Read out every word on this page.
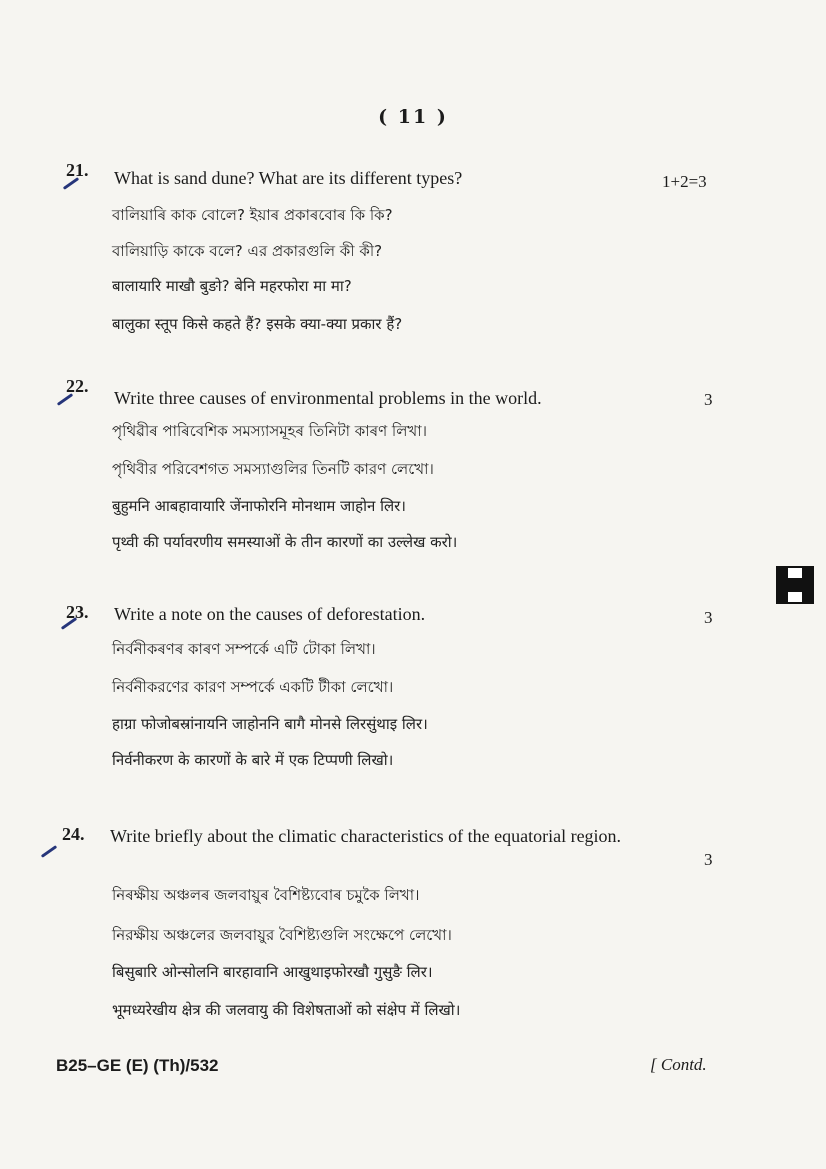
( 11 )
21. What is sand dune? What are its different types?	1+2=3
বালিয়াৰি কাক বোলে? ইয়াৰ প্ৰকাৰবোৰ কি কি?
বালিয়াড়ি কাকে বলে? এর প্রকারগুলি কী কী?
बालायारि माखौ बुङो? बेनि महरफोरा मा मा?
बालुका स्तूप किसे कहते हैं? इसके क्या-क्या प्रकार हैं?
22.
Write three causes of environmental problems in the world.	3
পৃথিৱীৰ পাৰিবেশিক সমস্যাসমূহৰ তিনিটা কাৰণ লিখা।
পৃথিবীর পরিবেশগত সমস্যাগুলির তিনটি কারণ লেখো।
बुहुमनि आबहावायारि जेंनाफोरनि मोनथाम जाहोन लिर।
पृथ्वी की पर्यावरणीय समस्याओं के तीन कारणों का उल्लेख करो।
23. Write a note on the causes of deforestation.	3
নিৰ্বনীকৰণৰ কাৰণ সম্পৰ্কে এটি টোকা লিখা।
নির্বনীকরণের কারণ সম্পর্কে একটি টীকা লেখো।
हाग्रा फोजोबस्रांनायनि जाहोननि बागै मोनसे लिरसुंथाइ लिर।
निर्वनीकरण के कारणों के बारे में एक टिप्पणी लिखो।
24. Write briefly about the climatic characteristics of the equatorial region.
3
নিৰক্ষীয় অঞ্চলৰ জলবায়ুৰ বৈশিষ্ট্যবোৰ চমুকৈ লিখা।
নিরক্ষীয় অঞ্চলের জলবায়ুর বৈশিষ্ট্যগুলি সংক্ষেপে লেখো।
बिसुबारि ओन्सोलनि बारहावानि आखुथाइफोरखौ गुसुङै लिर।
भूमध्यरेखीय क्षेत्र की जलवायु की विशेषताओं को संक्षेप में लिखो।
B25–GE (E) (Th)/532	[ Contd.
